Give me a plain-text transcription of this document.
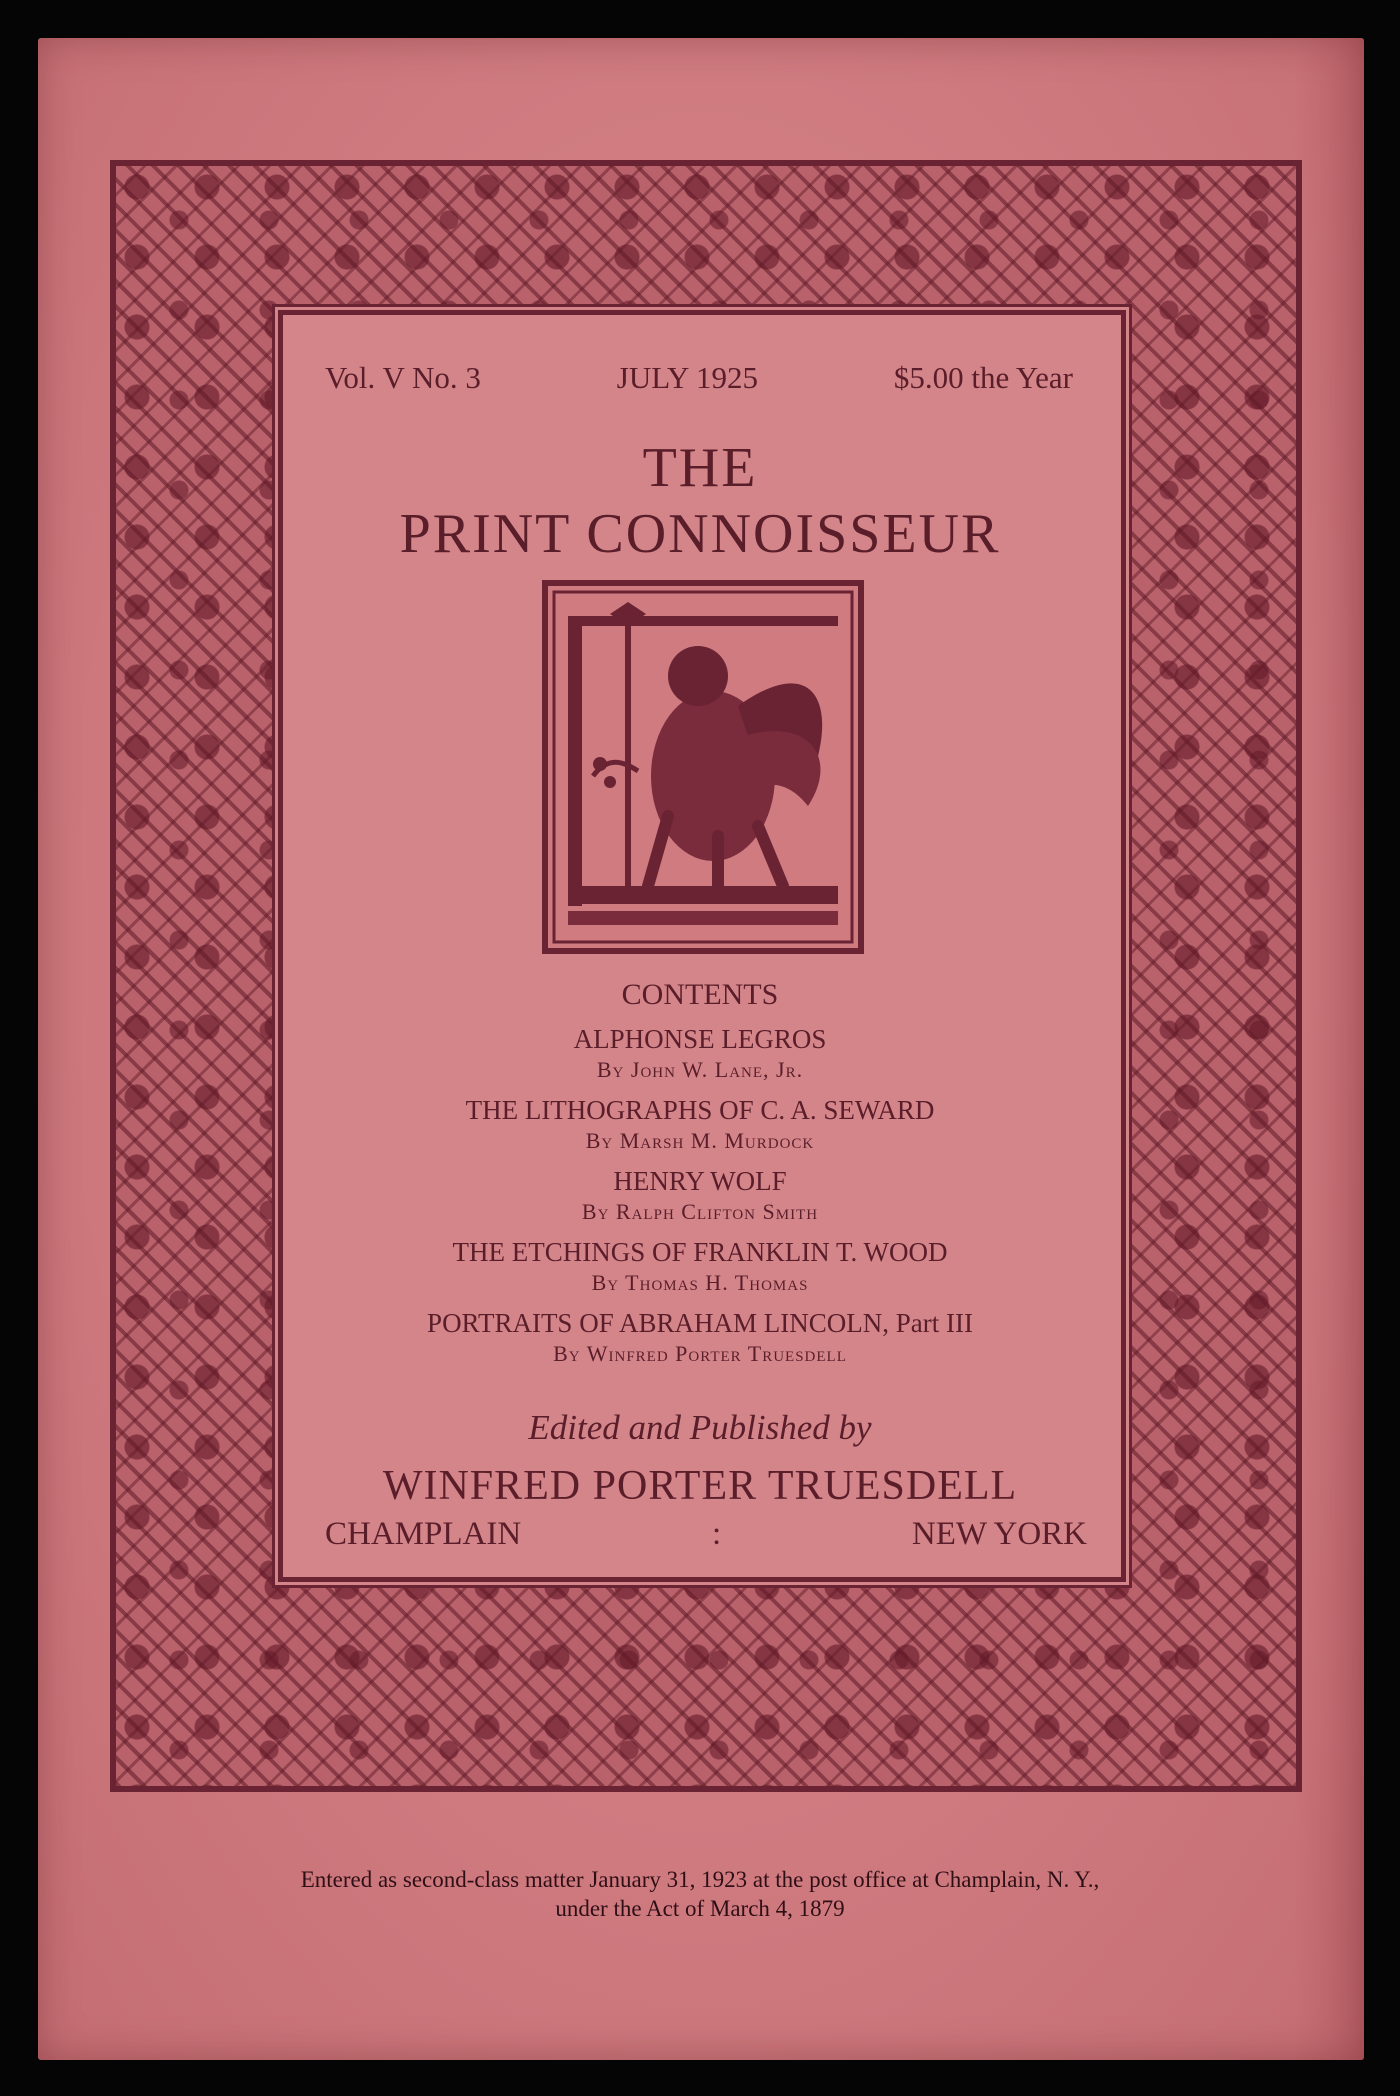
Vol. V No. 3	JULY 1925	$5.00 the Year
THE
PRINT CONNOISSEUR
CONTENTS
ALPHONSE LEGROS
By John W. Lane, Jr.
THE LITHOGRAPHS OF C. A. SEWARD
By Marsh M. Murdock
HENRY WOLF
By Ralph Clifton Smith
THE ETCHINGS OF FRANKLIN T. WOOD
By Thomas H. Thomas
PORTRAITS OF ABRAHAM LINCOLN, Part III
By Winfred Porter Truesdell
Edited and Published by
WINFRED PORTER TRUESDELL
CHAMPLAIN	:	NEW YORK
Entered as second-class matter January 31, 1923 at the post office at Champlain, N. Y.,
under the Act of March 4, 1879
